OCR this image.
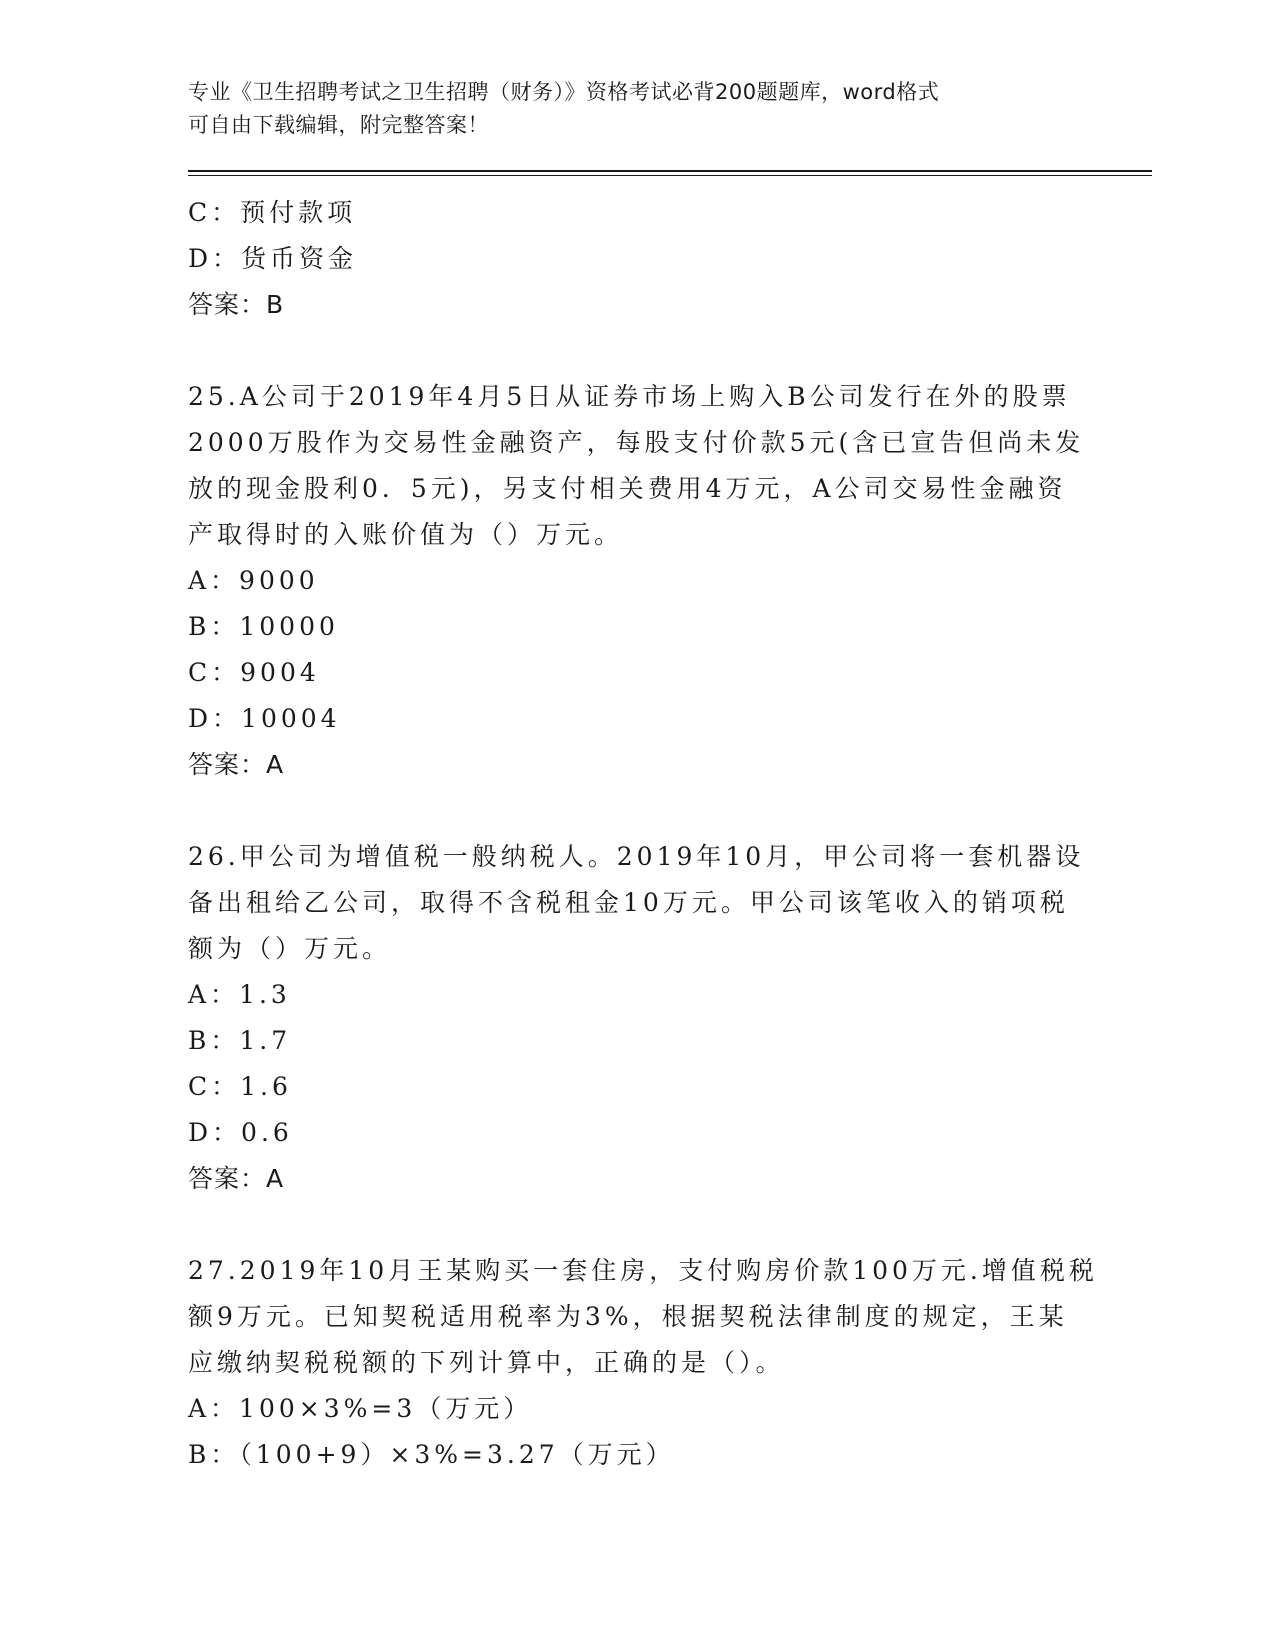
专业《卫生招聘考试之卫生招聘（财务）》资格考试必背200题题库，word格式
可自由下载编辑，附完整答案！
C：预付款项
D：货币资金
答案：B
25.A公司于2019年4月5日从证券市场上购入B公司发行在外的股票
2000万股作为交易性金融资产，每股支付价款5元(含已宣告但尚未发
放的现金股利0．5元)，另支付相关费用4万元，A公司交易性金融资
产取得时的入账价值为（）万元。
A：9000
B：10000
C：9004
D：10004
答案：A
26.甲公司为增值税一般纳税人。2019年10月，甲公司将一套机器设
备出租给乙公司，取得不含税租金10万元。甲公司该笔收入的销项税
额为（）万元。
A：1.3
B：1.7
C：1.6
D：0.6
答案：A
27.2019年10月王某购买一套住房，支付购房价款100万元.增值税税
额9万元。已知契税适用税率为3%，根据契税法律制度的规定，王某
应缴纳契税税额的下列计算中，正确的是（）。
A：100×3%=3（万元）
B：（100+9）×3%=3.27（万元）
